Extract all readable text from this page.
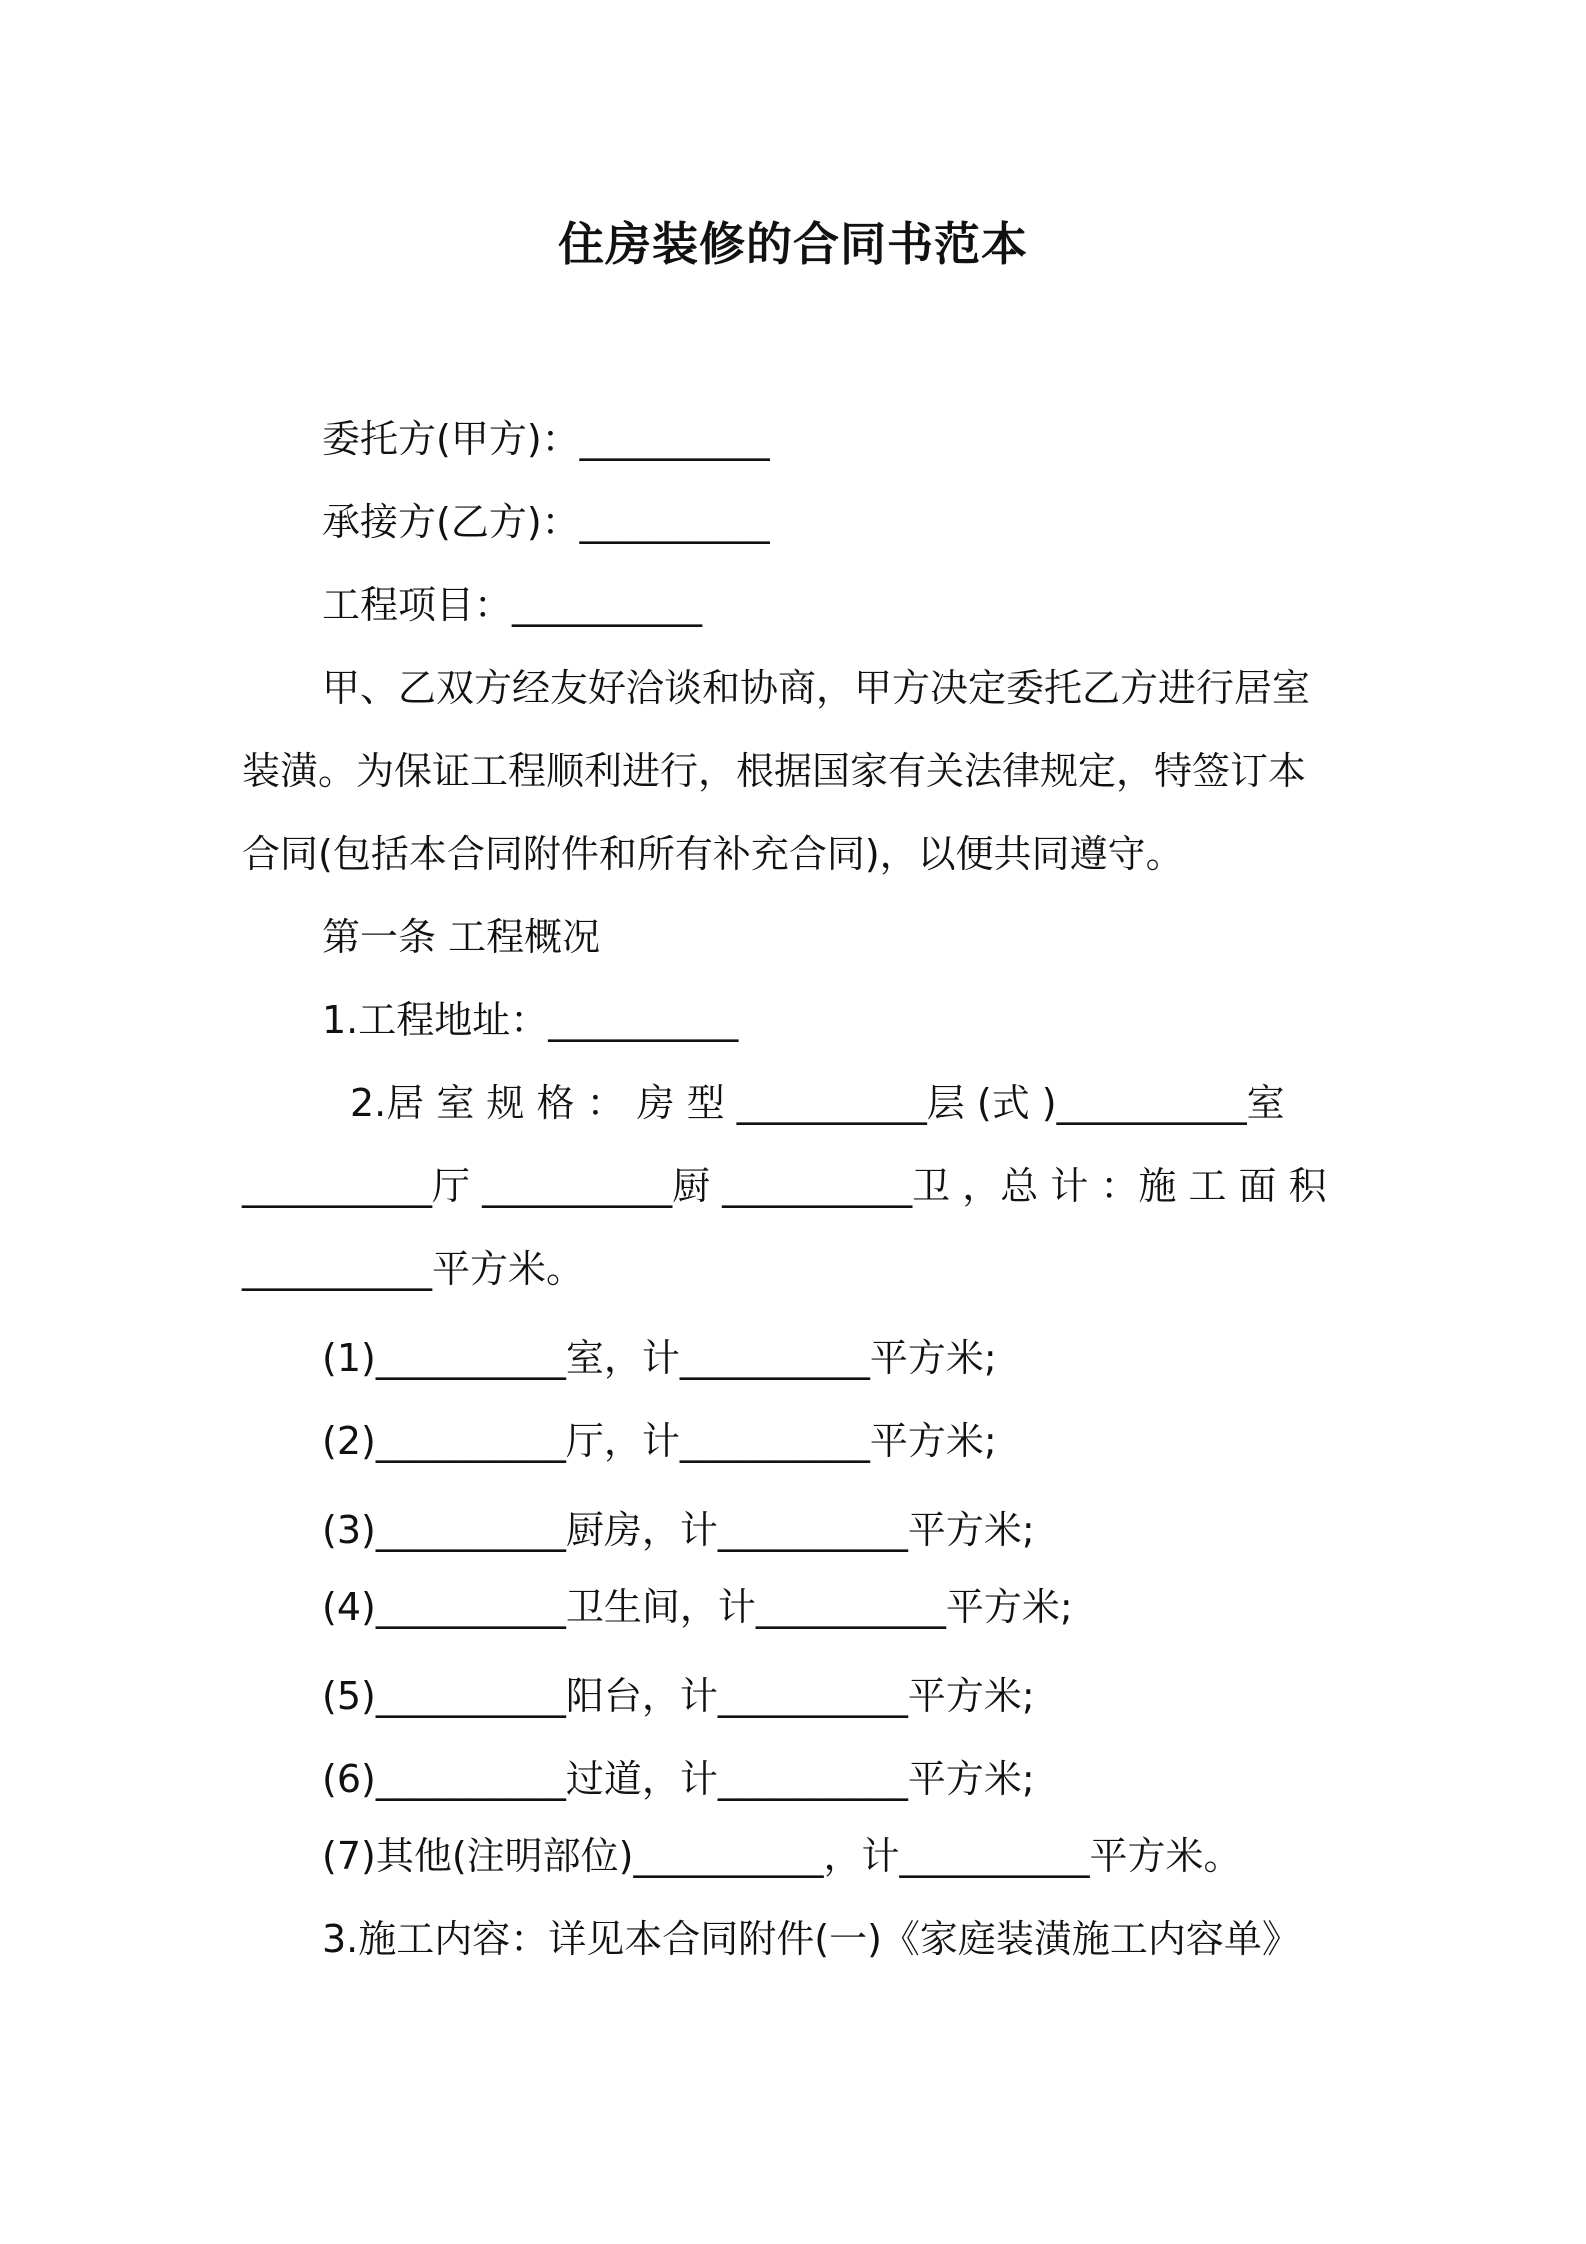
住房装修的合同书范本
委托方(甲方)：__________
承接方(乙方)：__________
工程项目：__________
甲、乙双方经友好洽谈和协商，甲方决定委托乙方进行居室
装潢。为保证工程顺利进行，根据国家有关法律规定，特签订本
合同(包括本合同附件和所有补充合同)，以便共同遵守。
第一条 工程概况
1.工程地址：__________
2.居 室 规 格 ： 房 型 __________层 (式 )__________室
__________厅 __________厨 __________卫 ，总 计 ：施 工 面 积
__________平方米。
(1)__________室，计__________平方米;
(2)__________厅，计__________平方米;
(3)__________厨房，计__________平方米;
(4)__________卫生间，计__________平方米;
(5)__________阳台，计__________平方米;
(6)__________过道，计__________平方米;
(7)其他(注明部位)__________，计__________平方米。
3.施工内容：详见本合同附件(一)《家庭装潢施工内容单》
